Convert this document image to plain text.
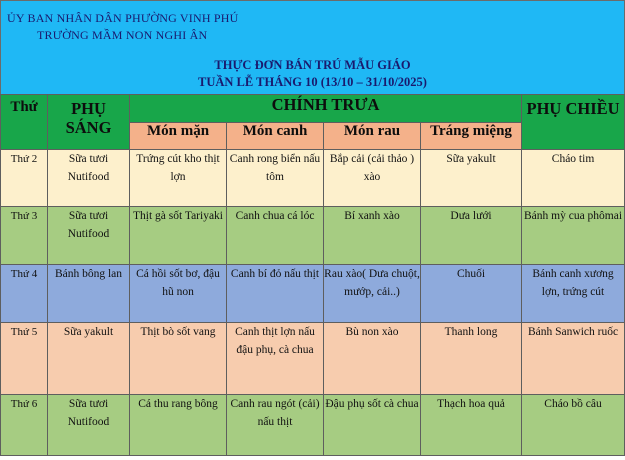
ỦY BAN NHÂN DÂN PHƯỜNG VINH PHÚ
TRƯỜNG MẦM NON NGHI ÂN
THỰC ĐƠN BÁN TRÚ MẪU GIÁO
TUẦN LỄ THÁNG 10 (13/10 – 31/10/2025)
Thứ	PHỤ SÁNG	CHÍNH TRƯA				PHỤ CHIỀU
		Món mặn	Món canh	Món rau	Tráng miệng	
Thứ 2	Sữa tươi Nutifood	Trứng cút kho thịt lợn	Canh rong biển nấu tôm	Bắp cải (cải thảo ) xào	Sữa yakult	Cháo tim
Thứ 3	Sữa tươi Nutifood	Thịt gà sốt Tariyaki	Canh chua cá lóc	Bí xanh xào	Dưa lưới	Bánh mỳ cua phômai
Thứ 4	Bánh bông lan	Cá hồi sốt bơ, đậu hũ non	Canh bí đỏ nấu thịt	Rau xào( Dưa chuột, mướp, cải..)	Chuối	Bánh canh xương lợn, trứng cút
Thứ 5	Sữa yakult	Thịt bò sốt vang	Canh thịt lợn nấu đậu phụ, cà chua	Bù non xào	Thanh long	Bánh Sanwich ruốc
Thứ 6	Sữa tươi Nutifood	Cá thu rang bông	Canh rau ngót (cải) nấu thịt	Đậu phụ sốt cà chua	Thạch hoa quả	Cháo bồ câu
